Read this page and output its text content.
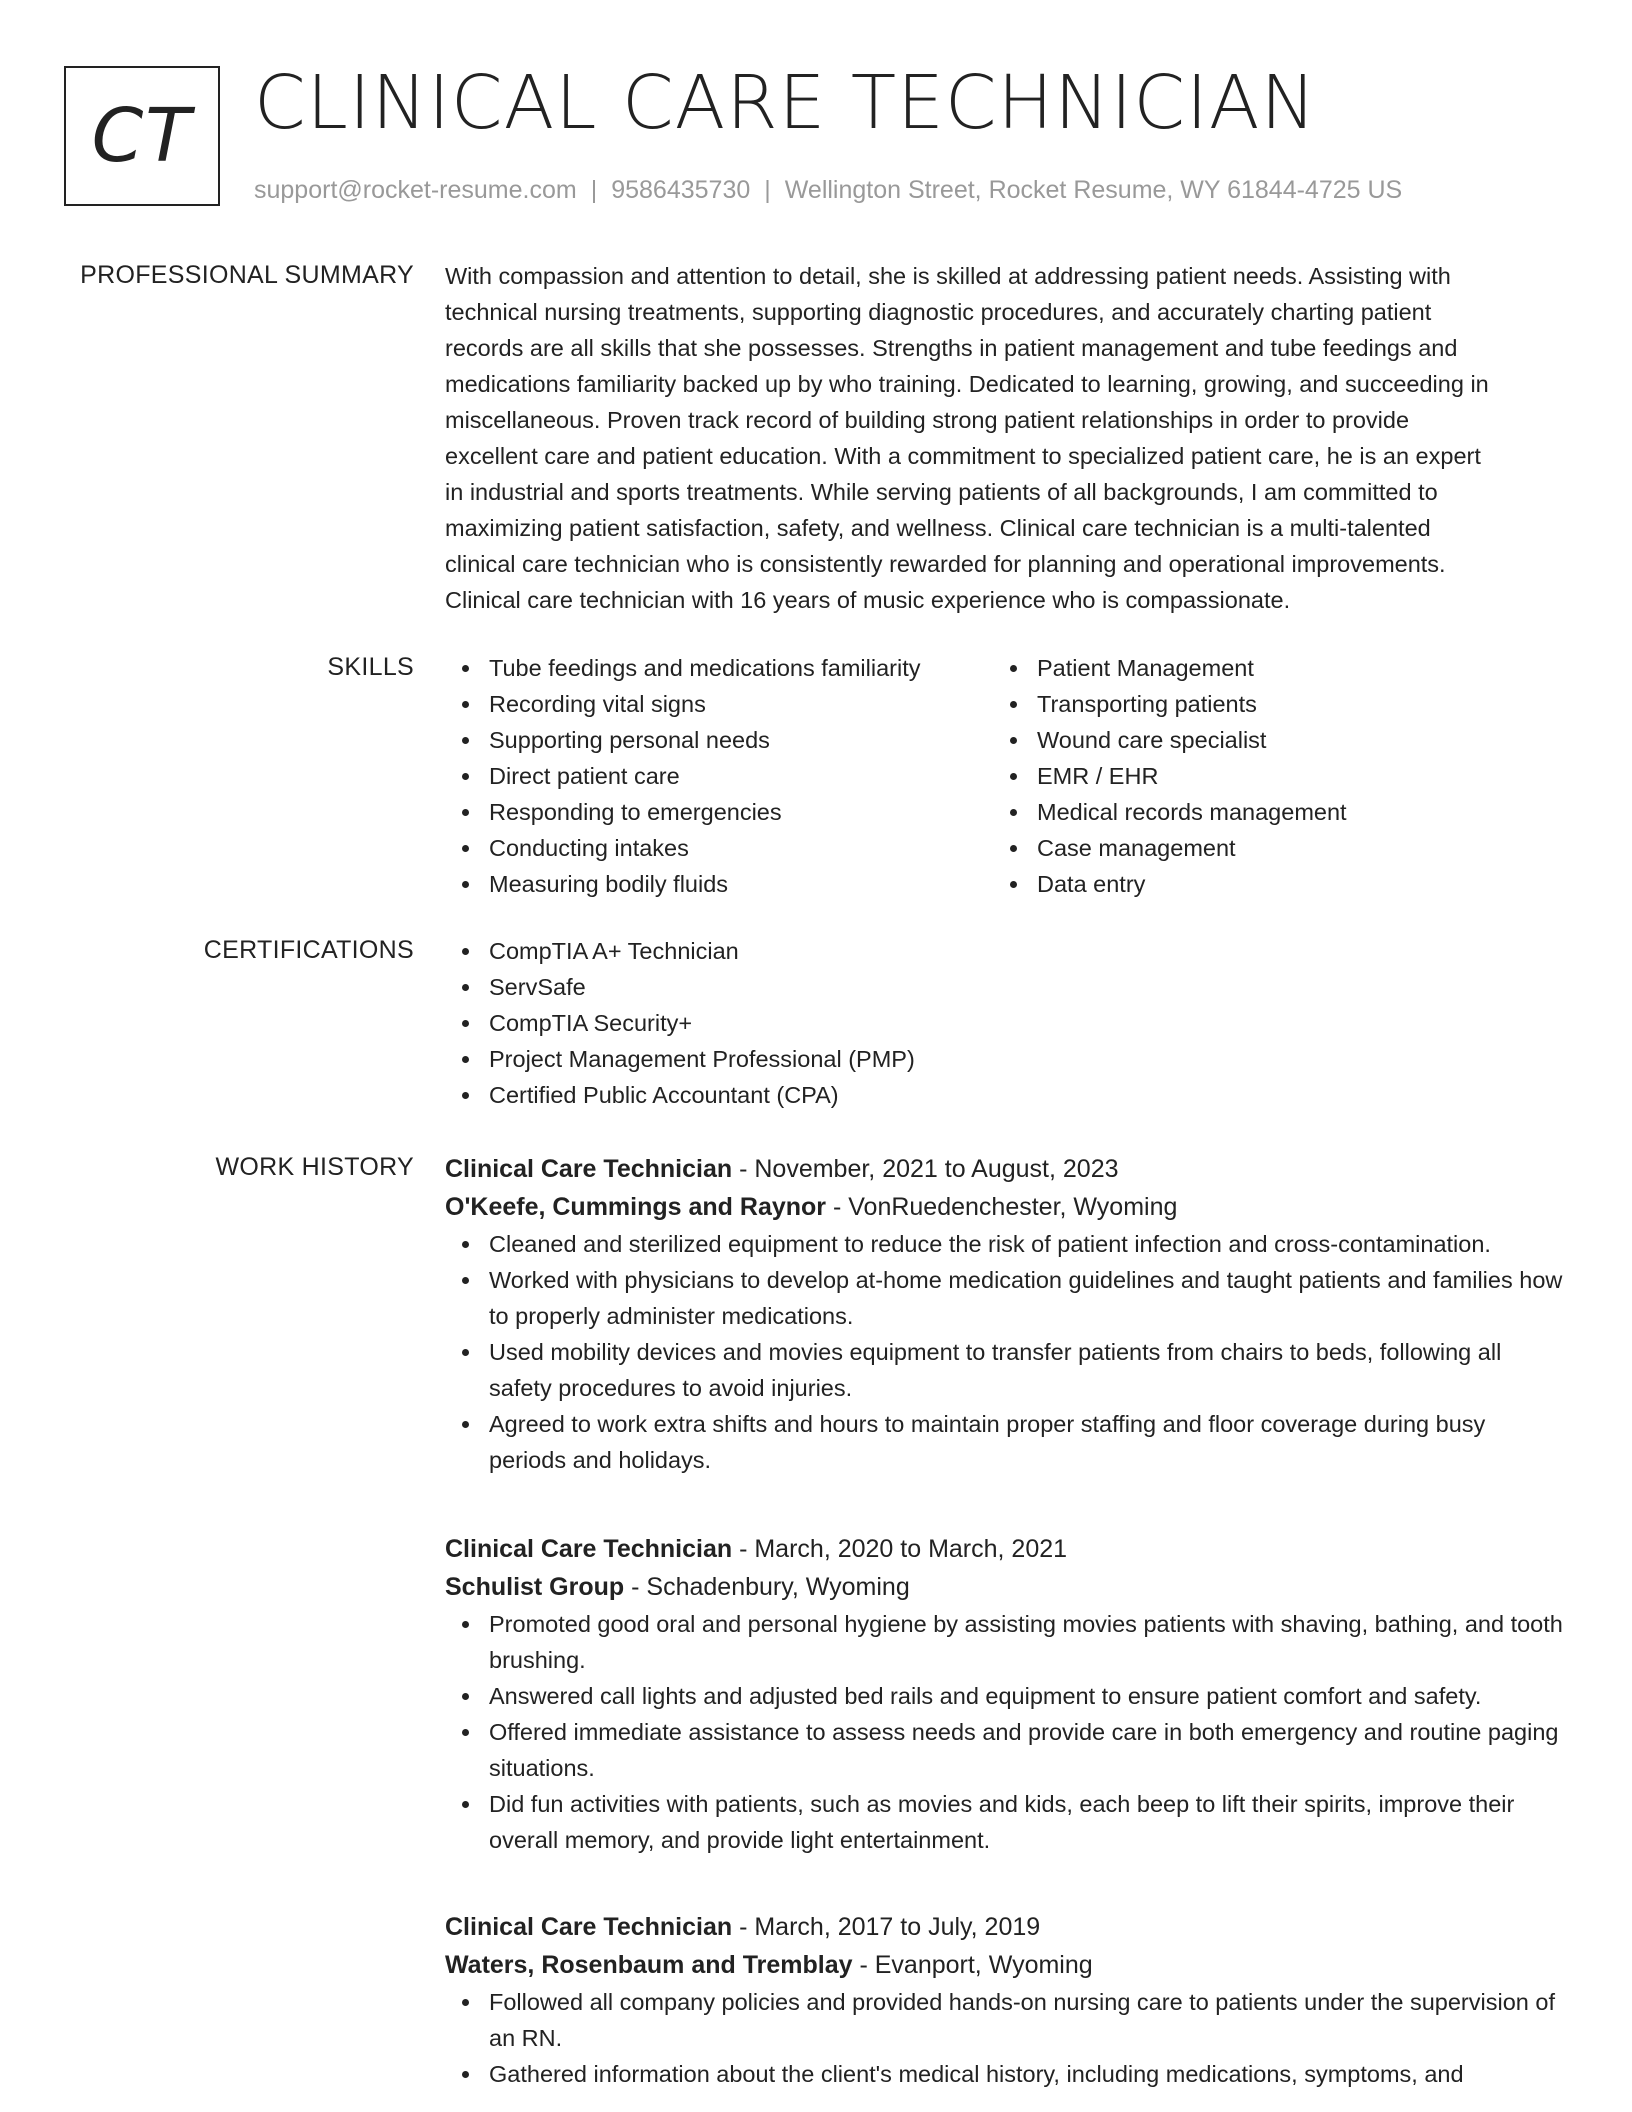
CT CLINICAL CARE TECHNICIAN
support@rocket-resume.com | 9586435730 | Wellington Street, Rocket Resume, WY 61844-4725 US
PROFESSIONAL SUMMARY With compassion and attention to detail, she is skilled at addressing patient needs. Assisting with
technical nursing treatments, supporting diagnostic procedures, and accurately charting patient
records are all skills that she possesses. Strengths in patient management and tube feedings and
medications familiarity backed up by who training. Dedicated to learning, growing, and succeeding in
miscellaneous. Proven track record of building strong patient relationships in order to provide
excellent care and patient education. With a commitment to specialized patient care, he is an expert
in industrial and sports treatments. While serving patients of all backgrounds, I am committed to
maximizing patient satisfaction, safety, and wellness. Clinical care technician is a multi-talented
clinical care technician who is consistently rewarded for planning and operational improvements.
Clinical care technician with 16 years of music experience who is compassionate.
SKILLS	Tube feedings and medications familiarity
Recording vital signs
Supporting personal needs
Direct patient care
Responding to emergencies
Conducting intakes
Measuring bodily fluids
Patient Management
Transporting patients
Wound care specialist
EMR / EHR
Medical records management
Case management
Data entry
CERTIFICATIONS	CompTIA A+ Technician
ServSafe
CompTIA Security+
Project Management Professional (PMP)
Certified Public Accountant (CPA)
WORK HISTORY Clinical Care Technician - November, 2021 to August, 2023
O'Keefe, Cummings and Raynor - VonRuedenchester, Wyoming
Cleaned and sterilized equipment to reduce the risk of patient infection and cross-contamination.
Worked with physicians to develop at-home medication guidelines and taught patients and families how to properly administer medications.
Used mobility devices and movies equipment to transfer patients from chairs to beds, following all safety procedures to avoid injuries.
Agreed to work extra shifts and hours to maintain proper staffing and floor coverage during busy periods and holidays.
Clinical Care Technician - March, 2020 to March, 2021
Schulist Group - Schadenbury, Wyoming
Promoted good oral and personal hygiene by assisting movies patients with shaving, bathing, and tooth brushing.
Answered call lights and adjusted bed rails and equipment to ensure patient comfort and safety.
Offered immediate assistance to assess needs and provide care in both emergency and routine paging situations.
Did fun activities with patients, such as movies and kids, each beep to lift their spirits, improve their overall memory, and provide light entertainment.
Clinical Care Technician - March, 2017 to July, 2019
Waters, Rosenbaum and Tremblay - Evanport, Wyoming
Followed all company policies and provided hands-on nursing care to patients under the supervision of an RN.
Gathered information about the client's medical history, including medications, symptoms, and
